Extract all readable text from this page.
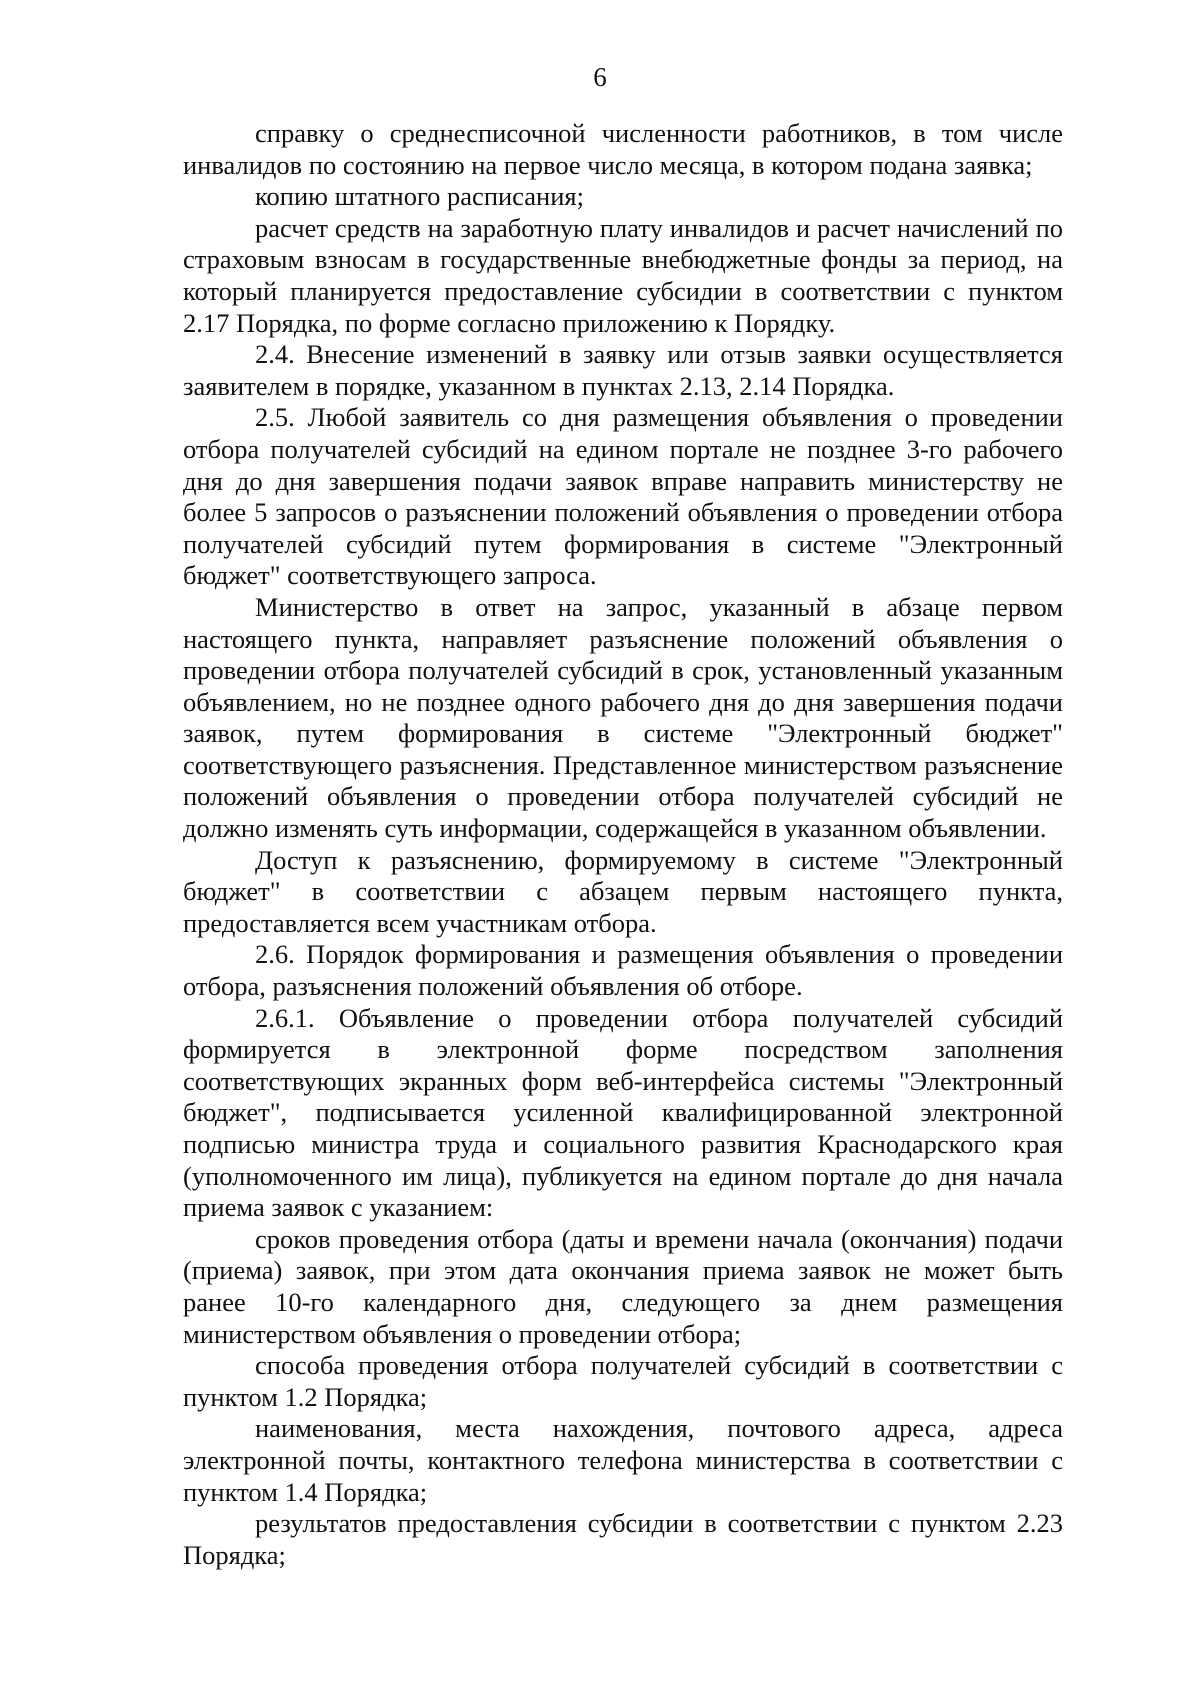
6

справку о среднесписочной численности работников, в том числе инвалидов по состоянию на первое число месяца, в котором подана заявка;

копию штатного расписания;

расчет средств на заработную плату инвалидов и расчет начислений по страховым взносам в государственные внебюджетные фонды за период, на который планируется предоставление субсидии в соответствии с пунктом 2.17 Порядка, по форме согласно приложению к Порядку.

2.4. Внесение изменений в заявку или отзыв заявки осуществляется заявителем в порядке, указанном в пунктах 2.13, 2.14 Порядка.

2.5. Любой заявитель со дня размещения объявления о проведении отбора получателей субсидий на едином портале не позднее 3-го рабочего дня до дня завершения подачи заявок вправе направить министерству не более 5 запросов о разъяснении положений объявления о проведении отбора получателей субсидий путем формирования в системе "Электронный бюджет" соответствующего запроса.

Министерство в ответ на запрос, указанный в абзаце первом настоящего пункта, направляет разъяснение положений объявления о проведении отбора получателей субсидий в срок, установленный указанным объявлением, но не позднее одного рабочего дня до дня завершения подачи заявок, путем формирования в системе "Электронный бюджет" соответствующего разъяснения. Представленное министерством разъяснение положений объявления о проведении отбора получателей субсидий не должно изменять суть информации, содержащейся в указанном объявлении.

Доступ к разъяснению, формируемому в системе "Электронный бюджет" в соответствии с абзацем первым настоящего пункта, предоставляется всем участникам отбора.

2.6. Порядок формирования и размещения объявления о проведении отбора, разъяснения положений объявления об отборе.

2.6.1. Объявление о проведении отбора получателей субсидий формируется в электронной форме посредством заполнения соответствующих экранных форм веб-интерфейса системы "Электронный бюджет", подписывается усиленной квалифицированной электронной подписью министра труда и социального развития Краснодарского края (уполномоченного им лица), публикуется на едином портале до дня начала приема заявок с указанием:

сроков проведения отбора (даты и времени начала (окончания) подачи (приема) заявок, при этом дата окончания приема заявок не может быть ранее 10-го календарного дня, следующего за днем размещения министерством объявления о проведении отбора;

способа проведения отбора получателей субсидий в соответствии с пунктом 1.2 Порядка;

наименования, места нахождения, почтового адреса, адреса электронной почты, контактного телефона министерства в соответствии с пунктом 1.4 Порядка;

результатов предоставления субсидии в соответствии с пунктом 2.23 Порядка;
